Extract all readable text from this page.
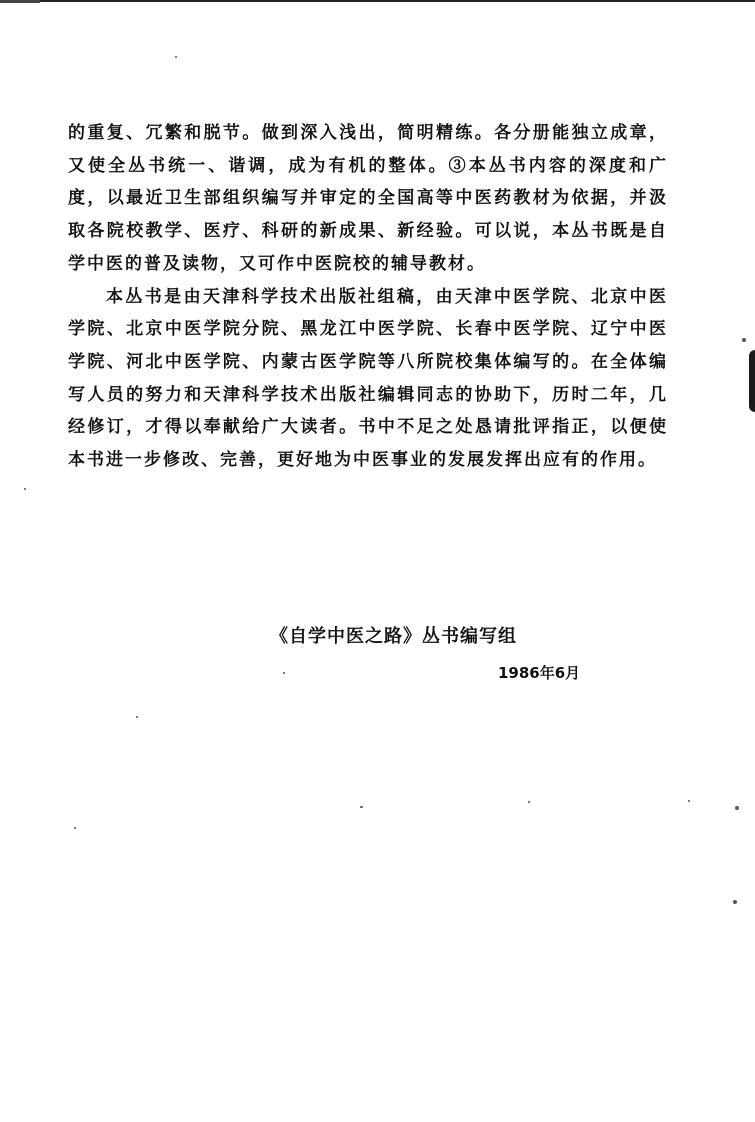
的重复、冗繁和脱节。做到深入浅出，简明精练。各分册能独立成章，又使全丛书统一、谐调，成为有机的整体。③本丛书内容的深度和广度，以最近卫生部组织编写并审定的全国高等中医药教材为依据，并汲取各院校教学、医疗、科研的新成果、新经验。可以说，本丛书既是自学中医的普及读物，又可作中医院校的辅导教材。

本丛书是由天津科学技术出版社组稿，由天津中医学院、北京中医学院、北京中医学院分院、黑龙江中医学院、长春中医学院、辽宁中医学院、河北中医学院、内蒙古医学院等八所院校集体编写的。在全体编写人员的努力和天津科学技术出版社编辑同志的协助下，历时二年，几经修订，才得以奉献给广大读者。书中不足之处恳请批评指正，以便使本书进一步修改、完善，更好地为中医事业的发展发挥出应有的作用。

《自学中医之路》丛书编写组

1986年6月
